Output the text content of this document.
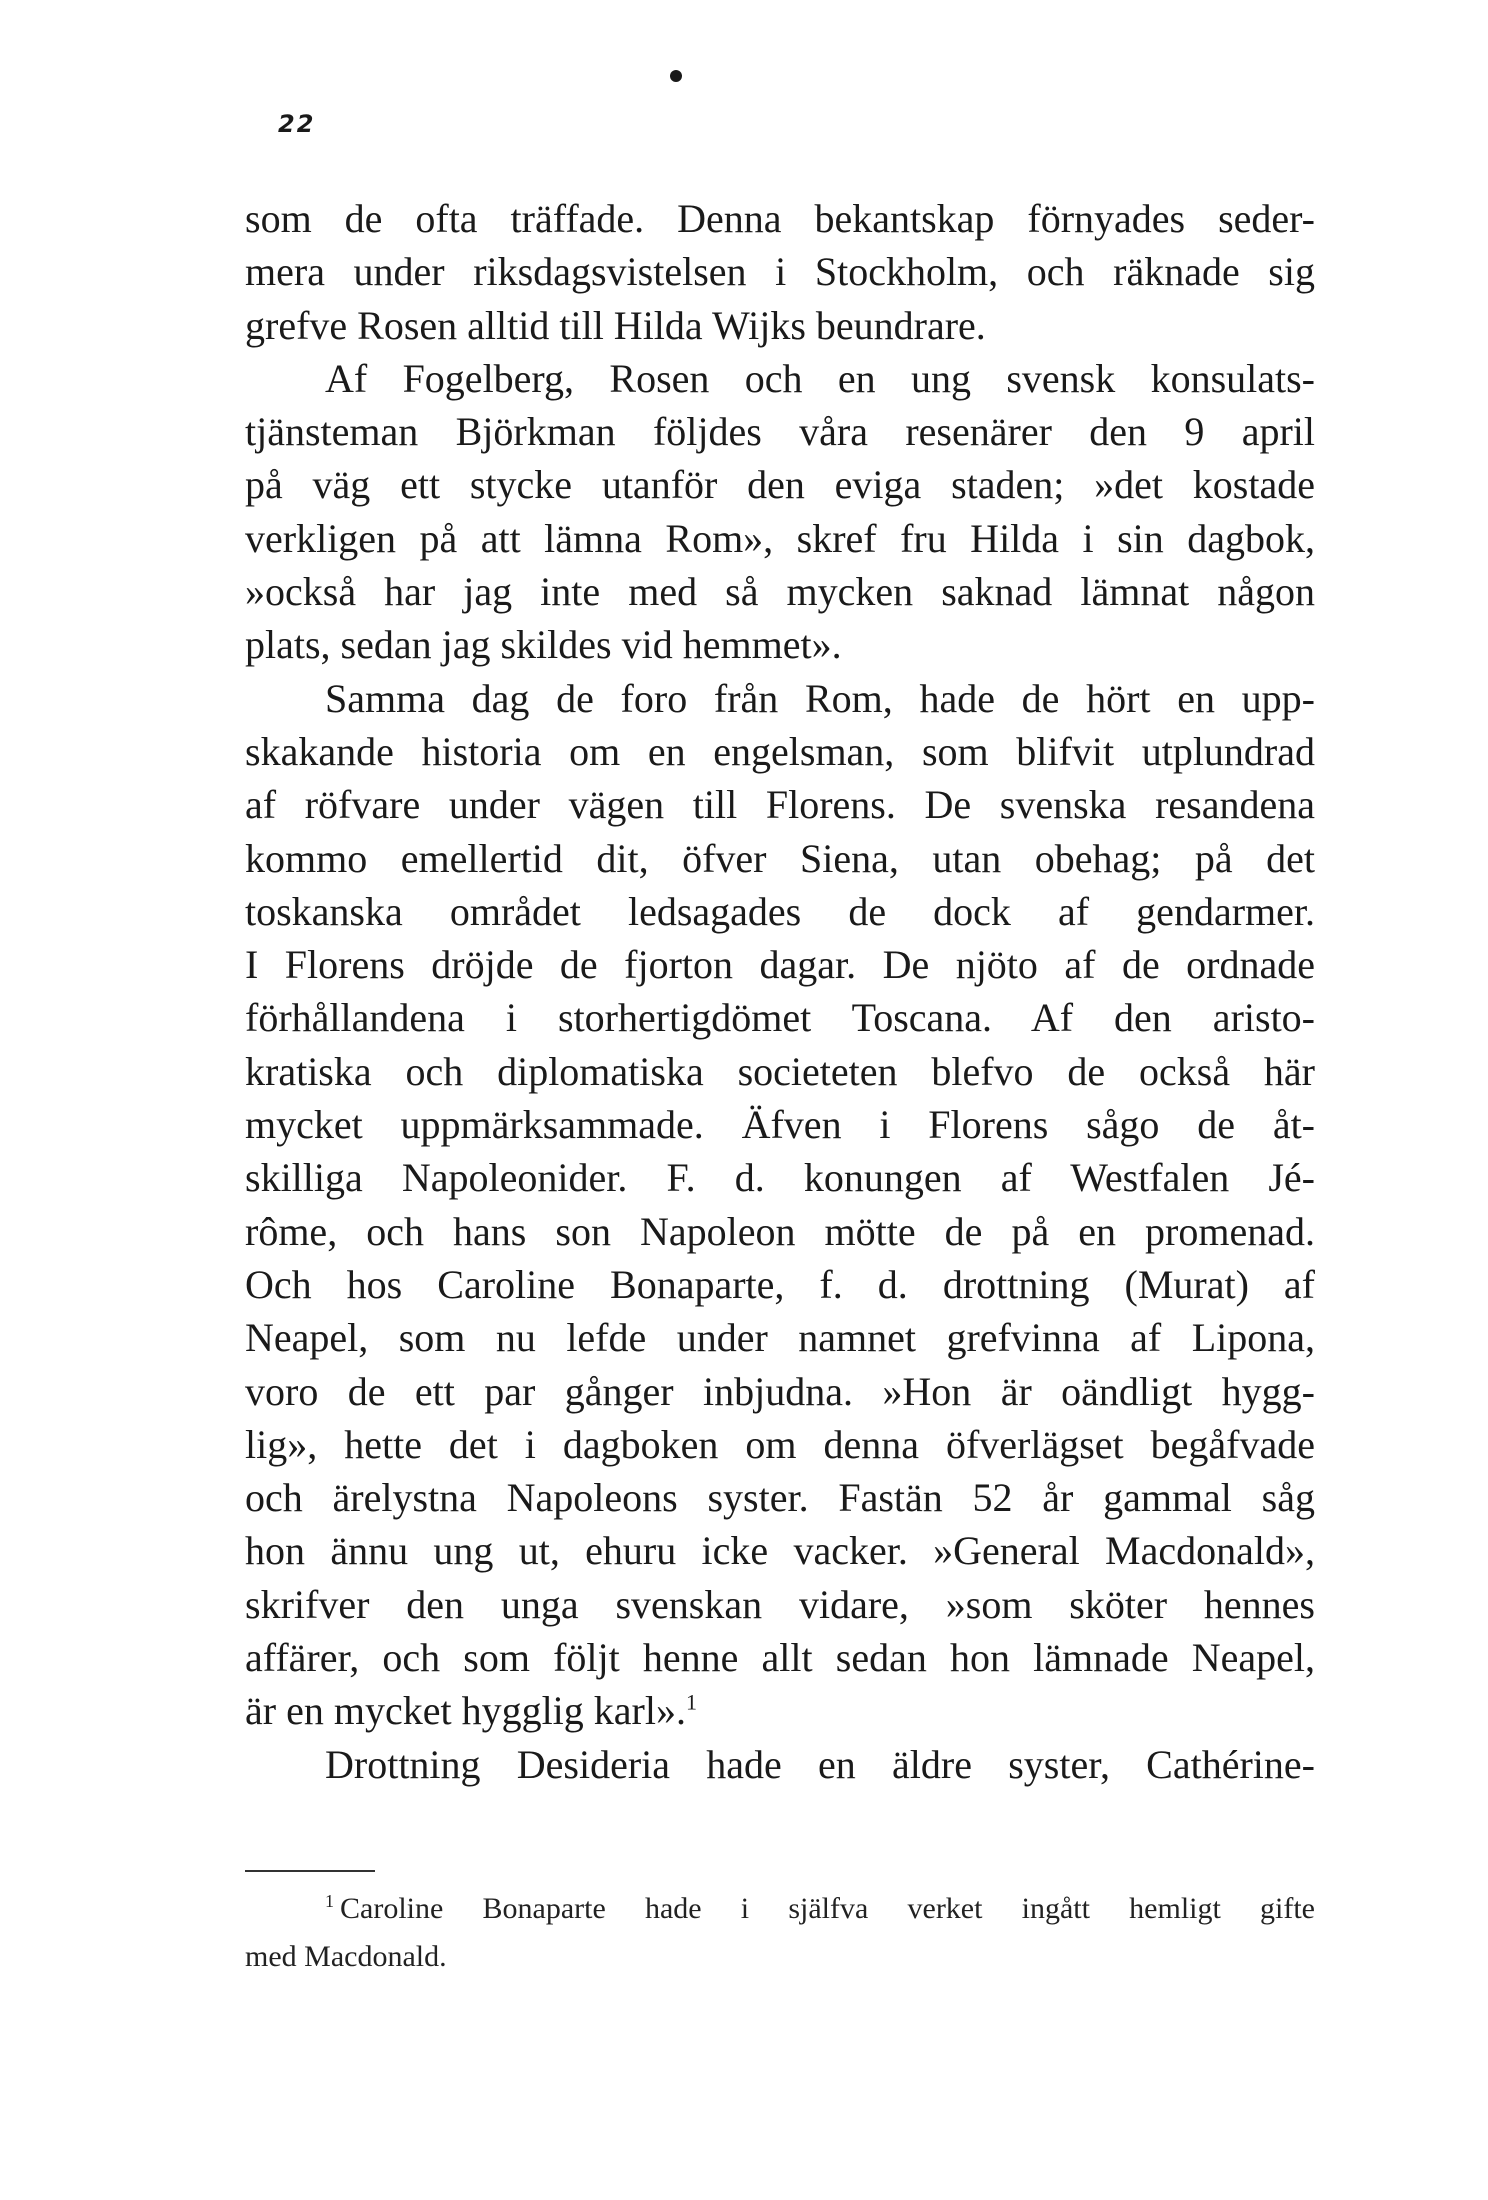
22
som de ofta träffade. Denna bekantskap förnyades seder-
mera under riksdagsvistelsen i Stockholm, och räknade sig
grefve Rosen alltid till Hilda Wijks beundrare.
Af Fogelberg, Rosen och en ung svensk konsulats-
tjänsteman Björkman följdes våra resenärer den 9 april
på väg ett stycke utanför den eviga staden; »det kostade
verkligen på att lämna Rom», skref fru Hilda i sin dagbok,
»också har jag inte med så mycken saknad lämnat någon
plats, sedan jag skildes vid hemmet».
Samma dag de foro från Rom, hade de hört en upp-
skakande historia om en engelsman, som blifvit utplundrad
af röfvare under vägen till Florens. De svenska resandena
kommo emellertid dit, öfver Siena, utan obehag; på det
toskanska området ledsagades de dock af gendarmer.
I Florens dröjde de fjorton dagar. De njöto af de ordnade
förhållandena i storhertigdömet Toscana. Af den aristo-
kratiska och diplomatiska societeten blefvo de också här
mycket uppmärksammade. Äfven i Florens sågo de åt-
skilliga Napoleonider. F. d. konungen af Westfalen Jé-
rôme, och hans son Napoleon mötte de på en promenad.
Och hos Caroline Bonaparte, f. d. drottning (Murat) af
Neapel, som nu lefde under namnet grefvinna af Lipona,
voro de ett par gånger inbjudna. »Hon är oändligt hygg-
lig», hette det i dagboken om denna öfverlägset begåfvade
och ärelystna Napoleons syster. Fastän 52 år gammal såg
hon ännu ung ut, ehuru icke vacker. »General Macdonald»,
skrifver den unga svenskan vidare, »som sköter hennes
affärer, och som följt henne allt sedan hon lämnade Neapel,
är en mycket hygglig karl».$^1$
Drottning Desideria hade en äldre syster, Cathérine-
$^1$ Caroline Bonaparte hade i själfva verket ingått hemligt gifte
med Macdonald.
